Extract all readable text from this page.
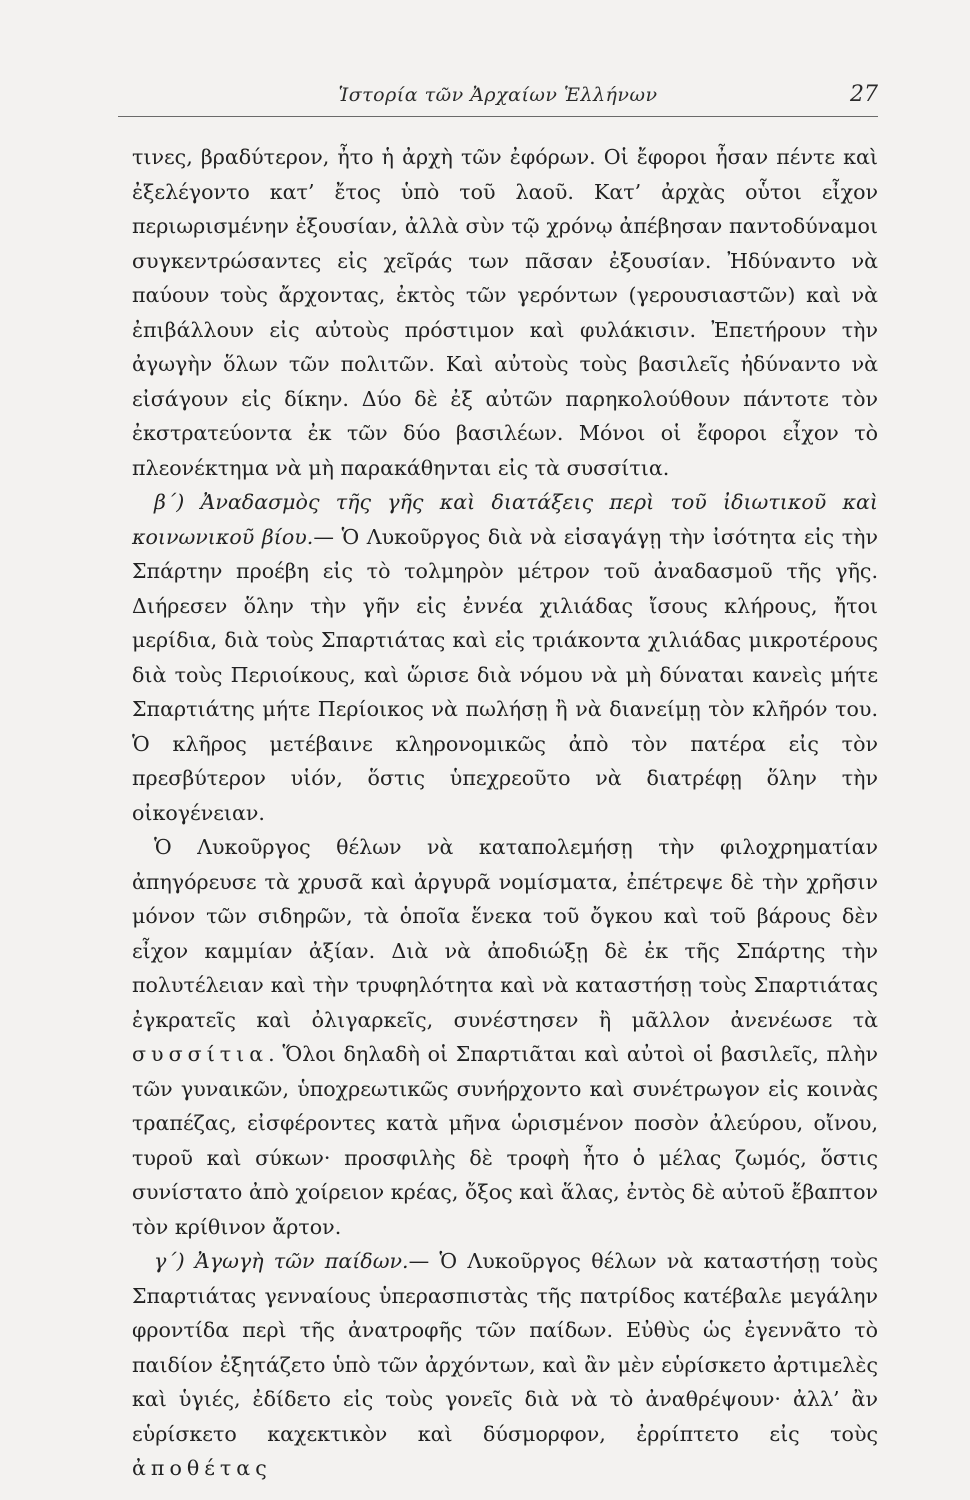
Ἱστορία τῶν Ἀρχαίων Ἑλλήνων	27

τινες, βραδύτερον, ἦτο ἡ ἀρχὴ τῶν ἐφόρων. Οἱ ἔφοροι ἦσαν πέντε καὶ ἐξελέγοντο κατ’ ἔτος ὑπὸ τοῦ λαοῦ. Κατ’ ἀρχὰς οὗτοι εἶχον περιωρισμένην ἐξουσίαν, ἀλλὰ σὺν τῷ χρόνῳ ἀπέβησαν παντοδύναμοι συγκεντρώσαντες εἰς χεῖράς των πᾶσαν ἐξουσίαν. Ἠδύναντο νὰ παύουν τοὺς ἄρχοντας, ἐκτὸς τῶν γερόντων (γερουσιαστῶν) καὶ νὰ ἐπιβάλλουν εἰς αὐτοὺς πρόστιμον καὶ φυλάκισιν. Ἐπετήρουν τὴν ἀγωγὴν ὅλων τῶν πολιτῶν. Καὶ αὐτοὺς τοὺς βασιλεῖς ἠδύναντο νὰ εἰσάγουν εἰς δίκην. Δύο δὲ ἐξ αὐτῶν παρηκολούθουν πάντοτε τὸν ἐκστρατεύοντα ἐκ τῶν δύο βασιλέων. Μόνοι οἱ ἔφοροι εἶχον τὸ πλεονέκτημα νὰ μὴ παρακάθηνται εἰς τὰ συσσίτια.

β΄) Ἀναδασμὸς τῆς γῆς καὶ διατάξεις περὶ τοῦ ἰδιωτικοῦ καὶ κοινωνικοῦ βίου.— Ὁ Λυκοῦργος διὰ νὰ εἰσαγάγῃ τὴν ἰσότητα εἰς τὴν Σπάρτην προέβη εἰς τὸ τολμηρὸν μέτρον τοῦ ἀναδασμοῦ τῆς γῆς. Διήρεσεν ὅλην τὴν γῆν εἰς ἐννέα χιλιάδας ἴσους κλήρους, ἤτοι μερίδια, διὰ τοὺς Σπαρτιάτας καὶ εἰς τριάκοντα χιλιάδας μικροτέρους διὰ τοὺς Περιοίκους, καὶ ὥρισε διὰ νόμου νὰ μὴ δύναται κανεὶς μήτε Σπαρτιάτης μήτε Περίοικος νὰ πωλήσῃ ἢ νὰ διανείμῃ τὸν κλῆρόν του. Ὁ κλῆρος μετέβαινε κληρονομικῶς ἀπὸ τὸν πατέρα εἰς τὸν πρεσβύτερον υἱόν, ὅστις ὑπεχρεοῦτο νὰ διατρέφῃ ὅλην τὴν οἰκογένειαν.

Ὁ Λυκοῦργος θέλων νὰ καταπολεμήσῃ τὴν φιλοχρηματίαν ἀπηγόρευσε τὰ χρυσᾶ καὶ ἀργυρᾶ νομίσματα, ἐπέτρεψε δὲ τὴν χρῆσιν μόνον τῶν σιδηρῶν, τὰ ὁποῖα ἕνεκα τοῦ ὄγκου καὶ τοῦ βάρους δὲν εἶχον καμμίαν ἀξίαν. Διὰ νὰ ἀποδιώξῃ δὲ ἐκ τῆς Σπάρτης τὴν πολυτέλειαν καὶ τὴν τρυφηλότητα καὶ νὰ καταστήσῃ τοὺς Σπαρτιάτας ἐγκρατεῖς καὶ ὀλιγαρκεῖς, συνέστησεν ἢ μᾶλλον ἀνενέωσε τὰ συσσίτια. Ὅλοι δηλαδὴ οἱ Σπαρτιᾶται καὶ αὐτοὶ οἱ βασιλεῖς, πλὴν τῶν γυναικῶν, ὑποχρεωτικῶς συνήρχοντο καὶ συνέτρωγον εἰς κοινὰς τραπέζας, εἰσφέροντες κατὰ μῆνα ὡρισμένον ποσὸν ἀλεύρου, οἴνου, τυροῦ καὶ σύκων· προσφιλὴς δὲ τροφὴ ἦτο ὁ μέλας ζωμός, ὅστις συνίστατο ἀπὸ χοίρειον κρέας, ὄξος καὶ ἅλας, ἐντὸς δὲ αὐτοῦ ἔβαπτον τὸν κρίθινον ἄρτον.

γ΄) Ἀγωγὴ τῶν παίδων.— Ὁ Λυκοῦργος θέλων νὰ καταστήσῃ τοὺς Σπαρτιάτας γενναίους ὑπερασπιστὰς τῆς πατρίδος κατέβαλε μεγάλην φροντίδα περὶ τῆς ἀνατροφῆς τῶν παίδων. Εὐθὺς ὡς ἐγεννᾶτο τὸ παιδίον ἐξητάζετο ὑπὸ τῶν ἀρχόντων, καὶ ἂν μὲν εὑρίσκετο ἀρτιμελὲς καὶ ὑγιές, ἐδίδετο εἰς τοὺς γονεῖς διὰ νὰ τὸ ἀναθρέψουν· ἀλλ’ ἂν εὑρίσκετο καχεκτικὸν καὶ δύσμορφον, ἐρρίπτετο εἰς τοὺς ἀποθέτας
